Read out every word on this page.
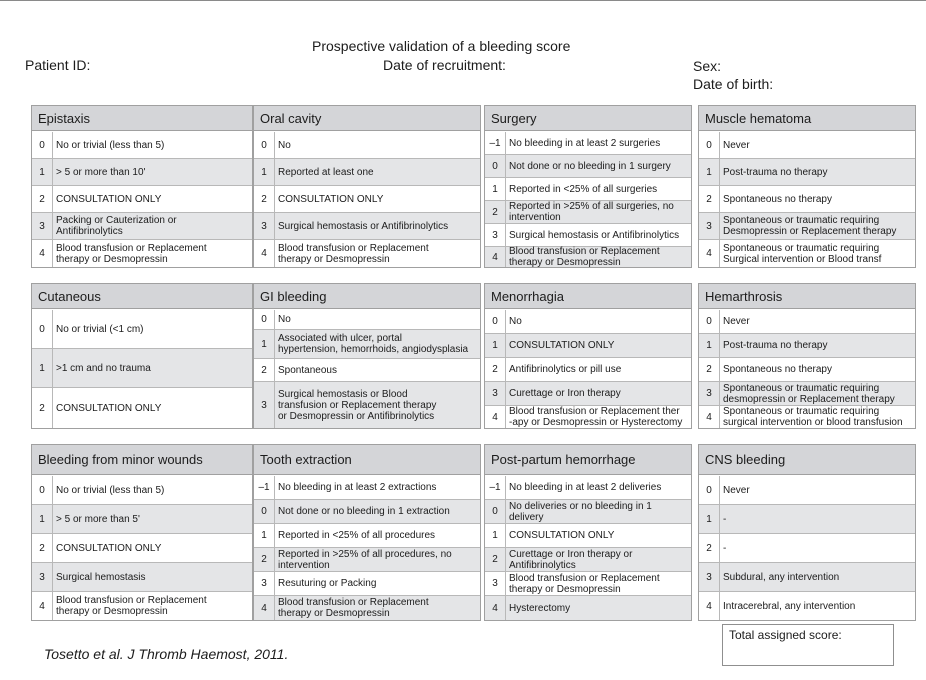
Prospective validation of a bleeding score
Patient ID:	Date of recruitment:	Sex:
Date of birth:
Epistaxis
0	No or trivial (less than 5)
1	> 5 or more than 10'
2	CONSULTATION ONLY
3	Packing or Cauterization or
Antifibrinolytics
4	Blood transfusion or Replacement
therapy or Desmopressin
Oral cavity
0	No
1	Reported at least one
2	CONSULTATION ONLY
3	Surgical hemostasis or Antifibrinolytics
4	Blood transfusion or Replacement
therapy or Desmopressin
Surgery
–1 No bleeding in at least 2 surgeries
0	Not done or no bleeding in 1 surgery
1	Reported in <25% of all surgeries
2	Reported in >25% of all surgeries, no
intervention
3	Surgical hemostasis or Antifibrinolytics
4	Blood transfusion or Replacement
therapy or Desmopressin
Muscle hematoma
0	Never
1	Post-trauma no therapy
2	Spontaneous no therapy
3	Spontaneous or traumatic requiring
Desmopressin or Replacement therapy
4	Spontaneous or traumatic requiring
Surgical intervention or Blood transf
Cutaneous
0	No or trivial (<1 cm)
1	>1 cm and no trauma
2	CONSULTATION ONLY
GI bleeding
0	No
1	Associated with ulcer, portal
hypertension, hemorrhoids, angiodysplasia
2	Spontaneous
3
Surgical hemostasis or Blood
transfusion or Replacement therapy
or Desmopressin or Antifibrinolytics
Menorrhagia
0	No
1	CONSULTATION ONLY
2	Antifibrinolytics or pill use
3	Curettage or Iron therapy
4	Blood transfusion or Replacement ther
-apy or Desmopressin or Hysterectomy
Hemarthrosis
0	Never
1	Post-trauma no therapy
2	Spontaneous no therapy
3	Spontaneous or traumatic requiring
desmopressin or Replacement therapy
4	Spontaneous or traumatic requiring
surgical intervention or blood transfusion
Bleeding from minor wounds
0	No or trivial (less than 5)
1	> 5 or more than 5'
2	CONSULTATION ONLY
3	Surgical hemostasis
4	Blood transfusion or Replacement
therapy or Desmopressin
Tooth extraction
–1 No bleeding in at least 2 extractions
0	Not done or no bleeding in 1 extraction
1	Reported in <25% of all procedures
2	Reported in >25% of all procedures, no
intervention
3	Resuturing or Packing
4	Blood transfusion or Replacement
therapy or Desmopressin
Post-partum hemorrhage
–1 No bleeding in at least 2 deliveries
0	No deliveries or no bleeding in 1
delivery
1	CONSULTATION ONLY
2	Curettage or Iron therapy or
Antifibrinolytics
3	Blood transfusion or Replacement
therapy or Desmopressin
4	Hysterectomy
CNS bleeding
0	Never
1	-
2	-
3	Subdural, any intervention
4	Intracerebral, any intervention
Total assigned score:
Tosetto et al. J Thromb Haemost, 2011.
